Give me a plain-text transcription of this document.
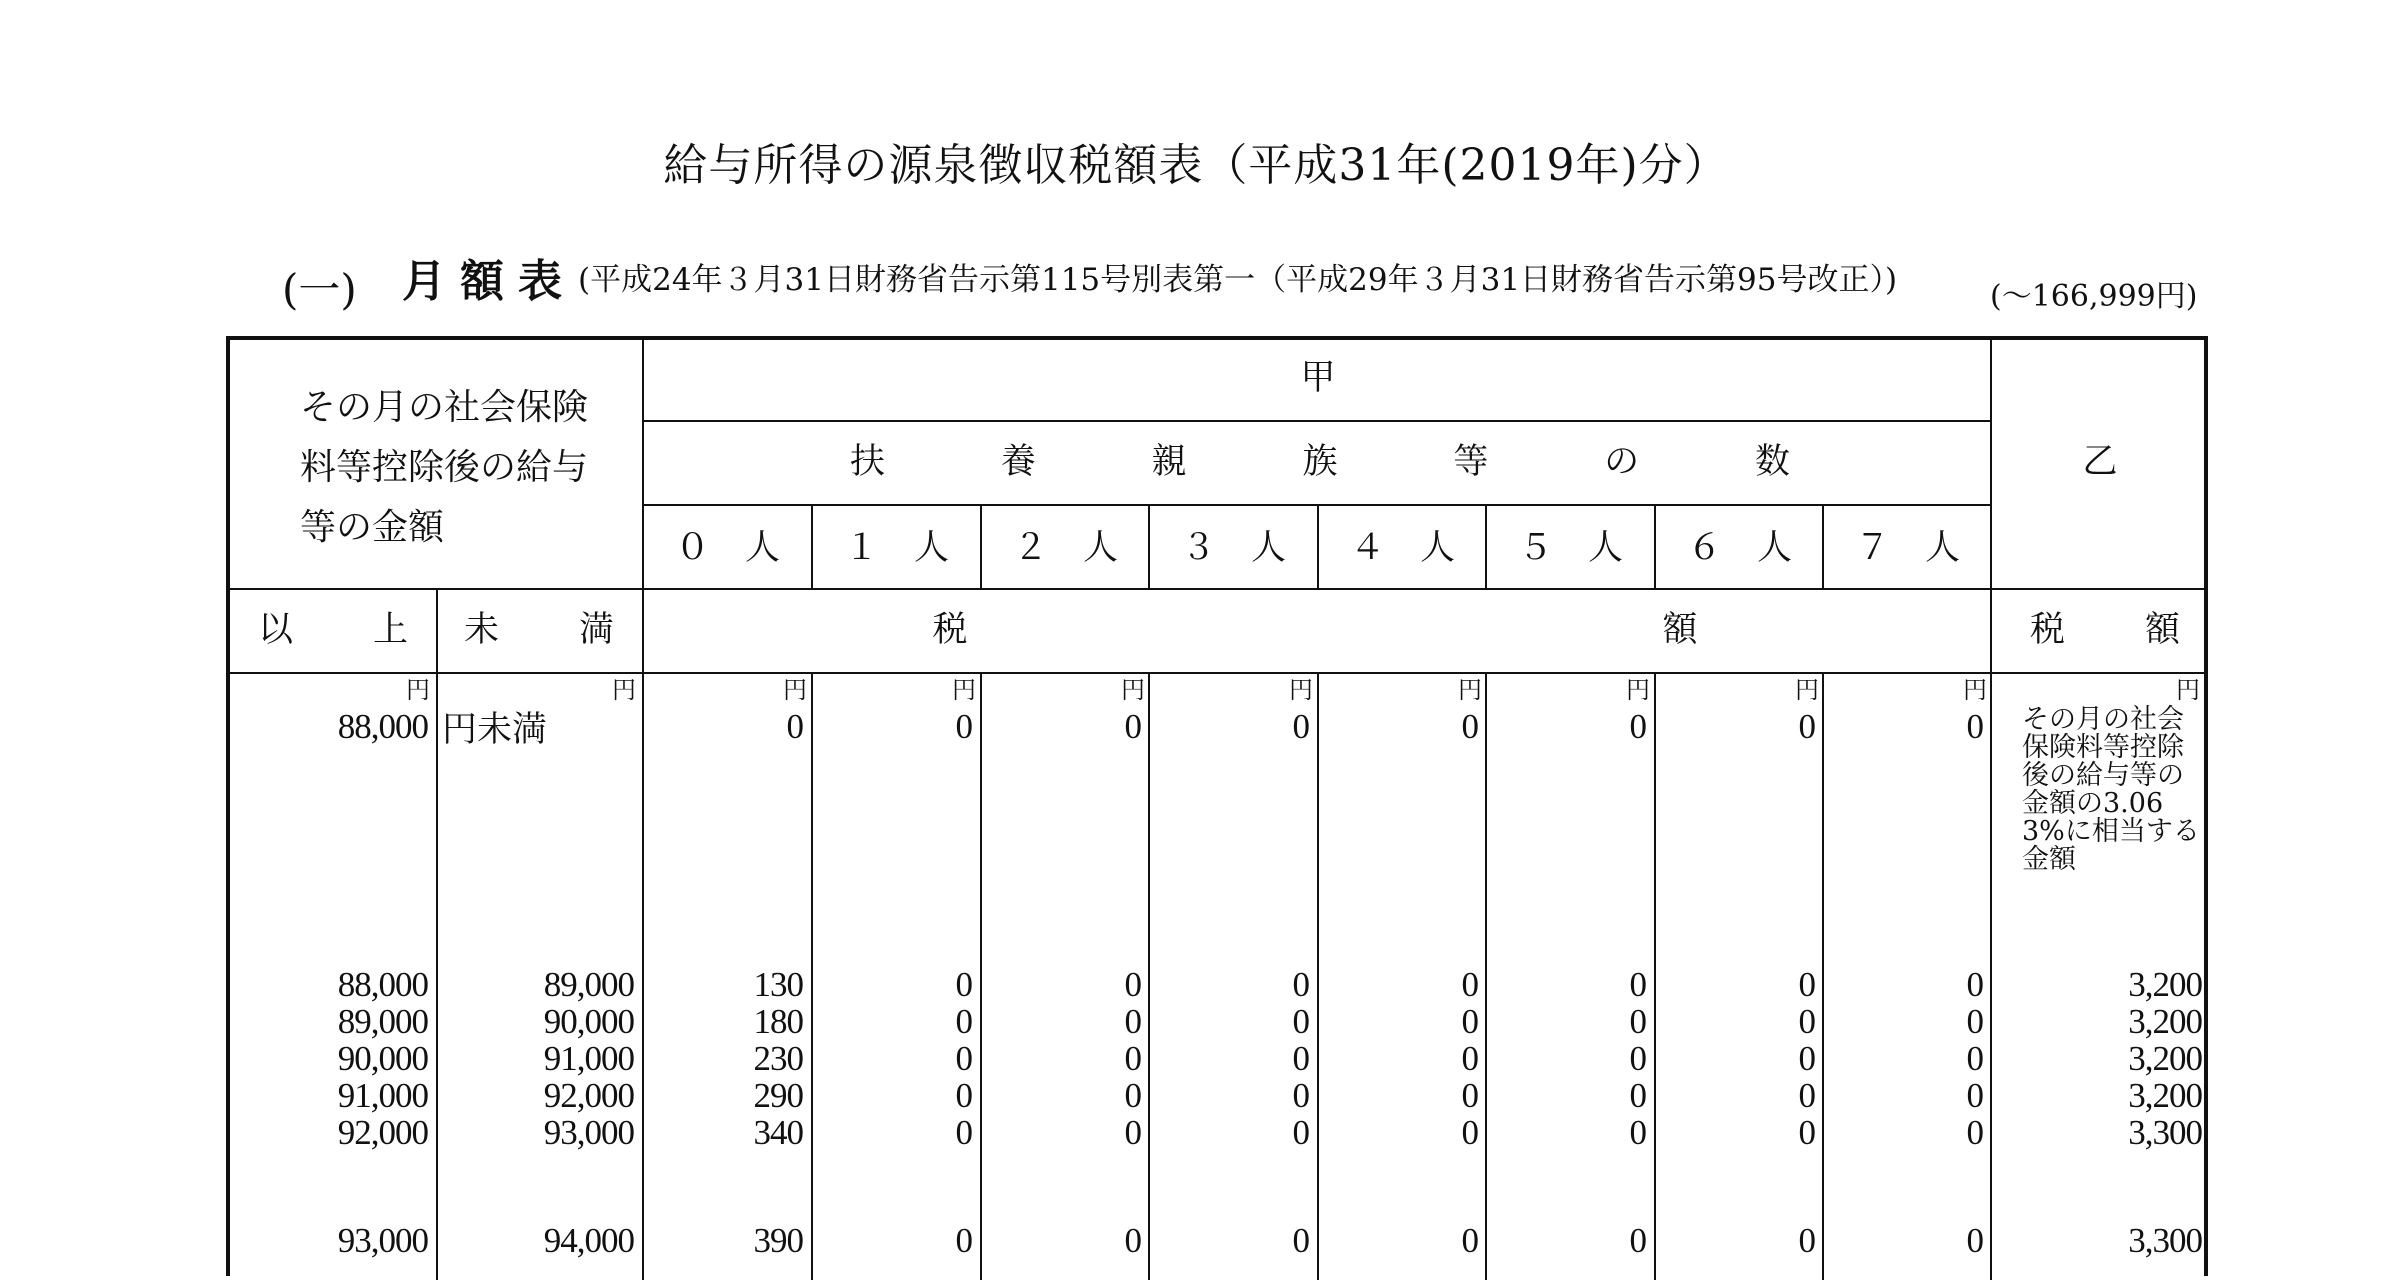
給与所得の源泉徴収税額表（平成31年(2019年)分）
(一) 月額表 (平成24年３月31日財務省告示第115号別表第一（平成29年３月31日財務省告示第95号改正）)	(～166,999円)
その月の社会保険料等控除後の給与等の金額
甲
扶	養	親	族	等	の	数	乙
０　人	１　人	２　人	３　人	４　人	５　人	６　人	７　人
以 上 未 満	税	額	税 額
円	円	円	円	円	円	円	円	円	円	円
88,000 円未満	0	0	0	0	0	0	0	0 その月の社会保険料等控除後の給与等の金額の3.063%に相当する金額
88,000	89,000	130	0	0	0	0	0	0	0	3,200
89,000	90,000	180	0	0	0	0	0	0	0	3,200
90,000	91,000	230	0	0	0	0	0	0	0	3,200
91,000	92,000	290	0	0	0	0	0	0	0	3,200
92,000	93,000	340	0	0	0	0	0	0	0	3,300
93,000	94,000	390	0	0	0	0	0	0	0	3,300
